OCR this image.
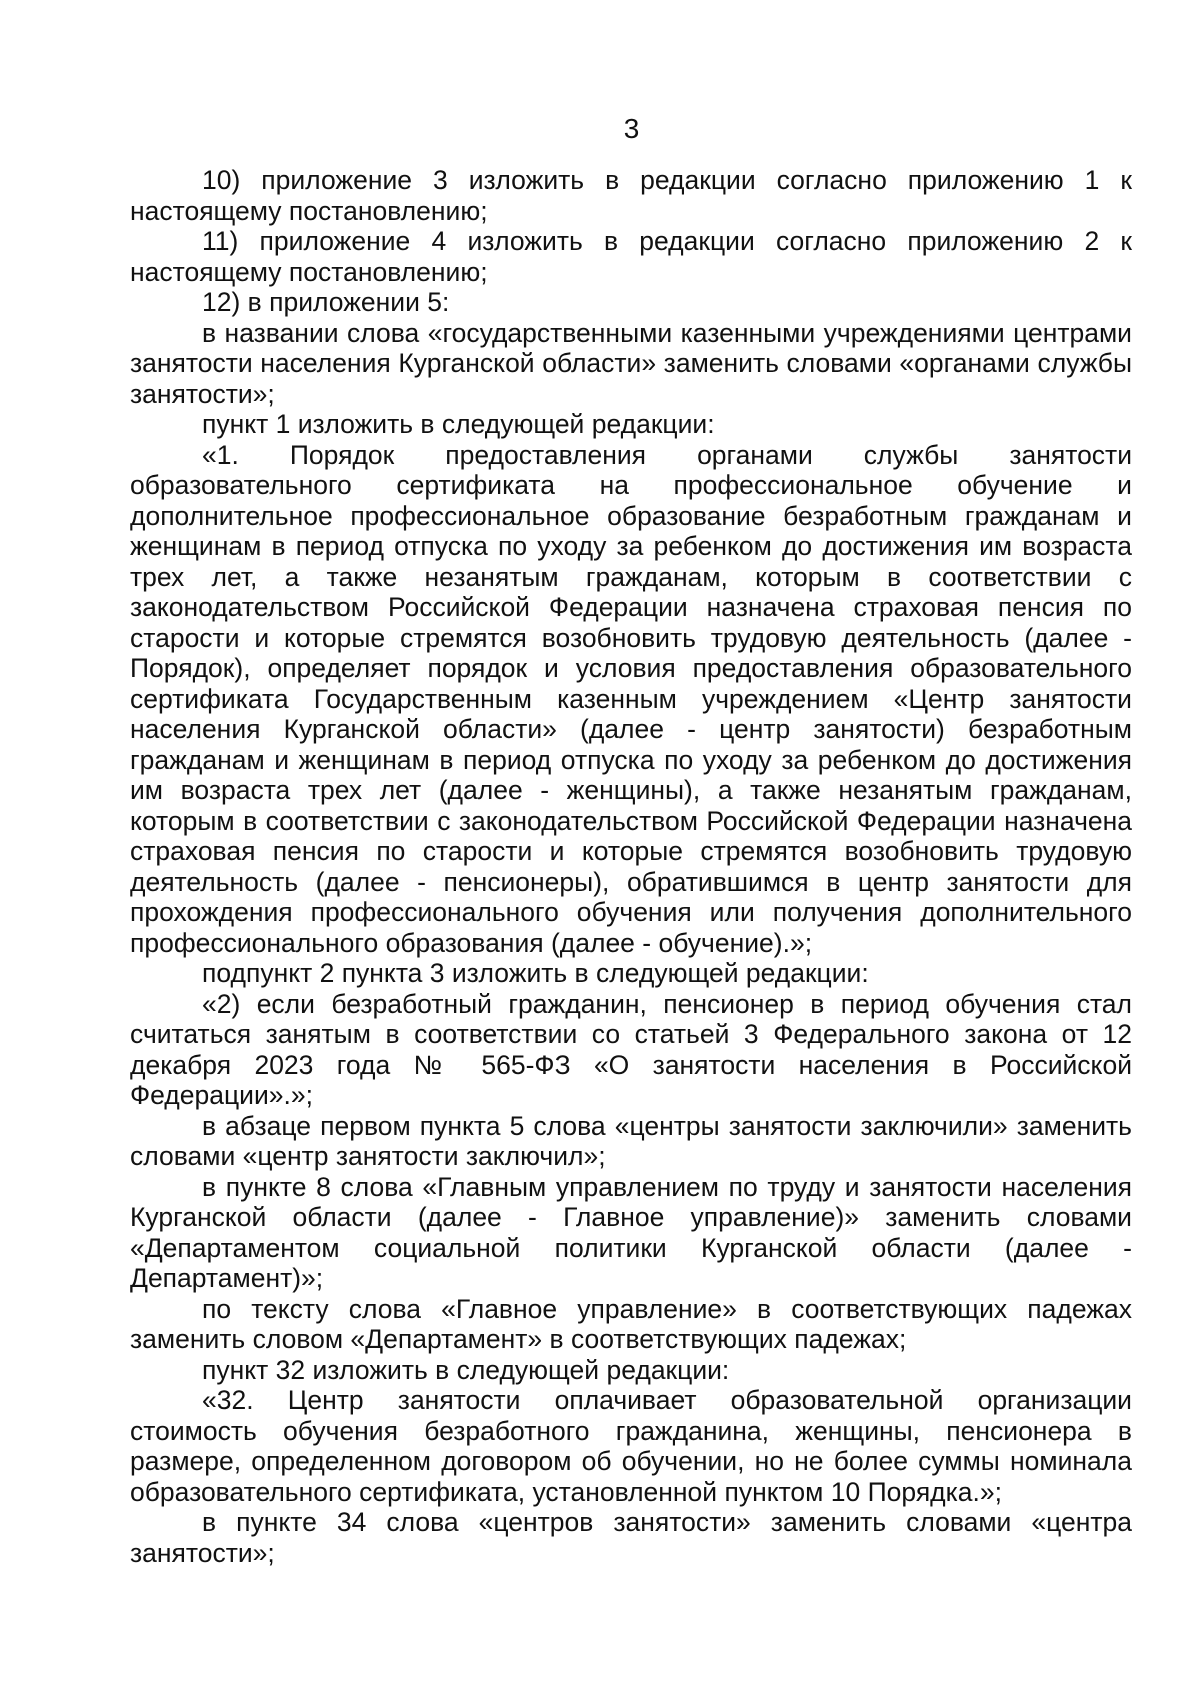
3

10) приложение 3 изложить в редакции согласно приложению 1 к настоящему постановлению;

11) приложение 4 изложить в редакции согласно приложению 2 к настоящему постановлению;

12) в приложении 5:

в названии слова «государственными казенными учреждениями центрами занятости населения Курганской области» заменить словами «органами службы занятости»;

пункт 1 изложить в следующей редакции:

«1. Порядок предоставления органами службы занятости образовательного сертификата на профессиональное обучение и дополнительное профессиональное образование безработным гражданам и женщинам в период отпуска по уходу за ребенком до достижения им возраста трех лет, а также незанятым гражданам, которым в соответствии с законодательством Российской Федерации назначена страховая пенсия по старости и которые стремятся возобновить трудовую деятельность (далее - Порядок), определяет порядок и условия предоставления образовательного сертификата Государственным казенным учреждением «Центр занятости населения Курганской области» (далее - центр занятости) безработным гражданам и женщинам в период отпуска по уходу за ребенком до достижения им возраста трех лет (далее - женщины), а также незанятым гражданам, которым в соответствии с законодательством Российской Федерации назначена страховая пенсия по старости и которые стремятся возобновить трудовую деятельность (далее - пенсионеры), обратившимся в центр занятости для прохождения профессионального обучения или получения дополнительного профессионального образования (далее - обучение).»;

подпункт 2 пункта 3 изложить в следующей редакции:

«2) если безработный гражданин, пенсионер в период обучения стал считаться занятым в соответствии со статьей 3 Федерального закона от 12 декабря 2023 года № 565-ФЗ «О занятости населения в Российской Федерации».»;

в абзаце первом пункта 5 слова «центры занятости заключили» заменить словами «центр занятости заключил»;

в пункте 8 слова «Главным управлением по труду и занятости населения Курганской области (далее - Главное управление)» заменить словами «Департаментом социальной политики Курганской области (далее - Департамент)»;

по тексту слова «Главное управление» в соответствующих падежах заменить словом «Департамент» в соответствующих падежах;

пункт 32 изложить в следующей редакции:

«32. Центр занятости оплачивает образовательной организации стоимость обучения безработного гражданина, женщины, пенсионера в размере, определенном договором об обучении, но не более суммы номинала образовательного сертификата, установленной пунктом 10 Порядка.»;

в пункте 34 слова «центров занятости» заменить словами «центра занятости»;
